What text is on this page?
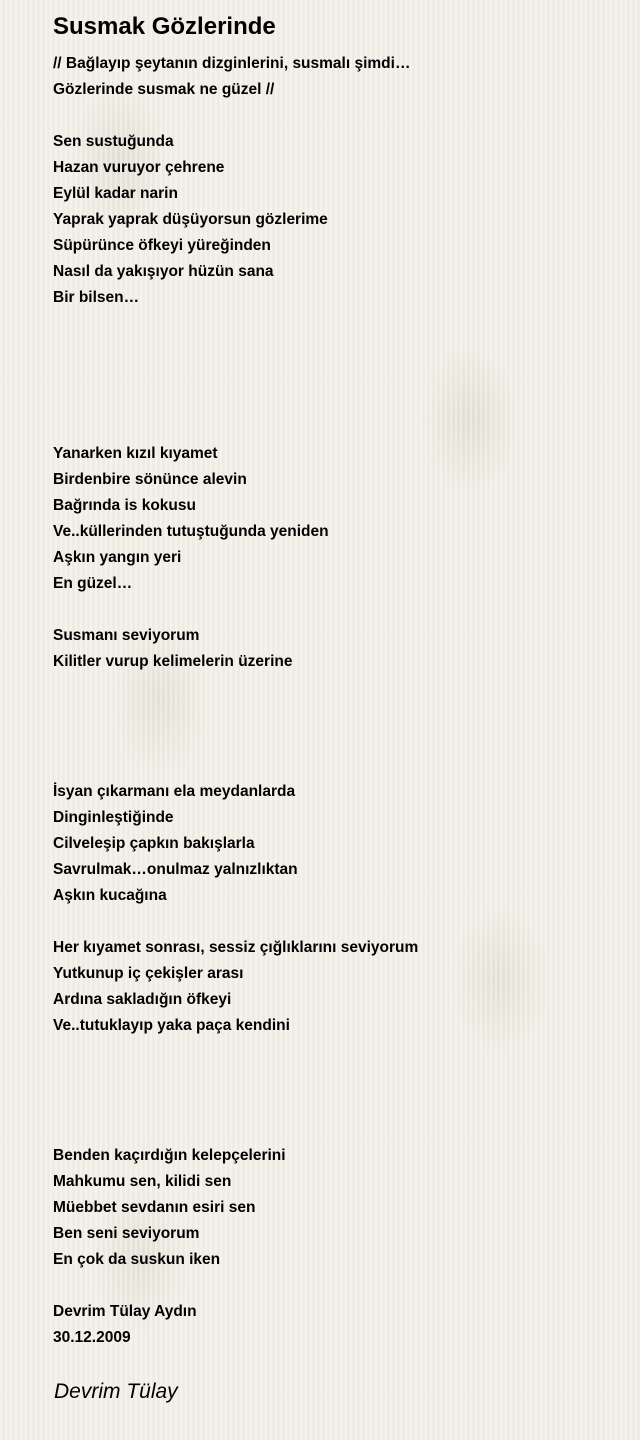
Susmak Gözlerinde
// Bağlayıp şeytanın dizginlerini, susmalı şimdi…
Gözlerinde susmak ne güzel //
Sen sustuğunda
Hazan vuruyor çehrene
Eylül kadar narin
Yaprak yaprak düşüyorsun gözlerime
Süpürünce öfkeyi yüreğinden
Nasıl da yakışıyor hüzün sana
Bir bilsen…
Yanarken kızıl kıyamet
Birdenbire sönünce alevin
Bağrında is kokusu
Ve..küllerinden tutuştuğunda yeniden
Aşkın yangın yeri
En güzel…
Susmanı seviyorum
Kilitler vurup kelimelerin üzerine
İsyan çıkarmanı ela meydanlarda
Dinginleştiğinde
Cilveleşip çapkın bakışlarla
Savrulmak…onulmaz yalnızlıktan
Aşkın kucağına
Her kıyamet sonrası, sessiz çığlıklarını seviyorum
Yutkunup iç çekişler arası
Ardına sakladığın öfkeyi
Ve..tutuklayıp yaka paça kendini
Benden kaçırdığın kelepçelerini
Mahkumu sen, kilidi sen
Müebbet sevdanın esiri sen
Ben seni seviyorum
En çok da suskun iken
Devrim Tülay Aydın
30.12.2009
Devrim Tülay
